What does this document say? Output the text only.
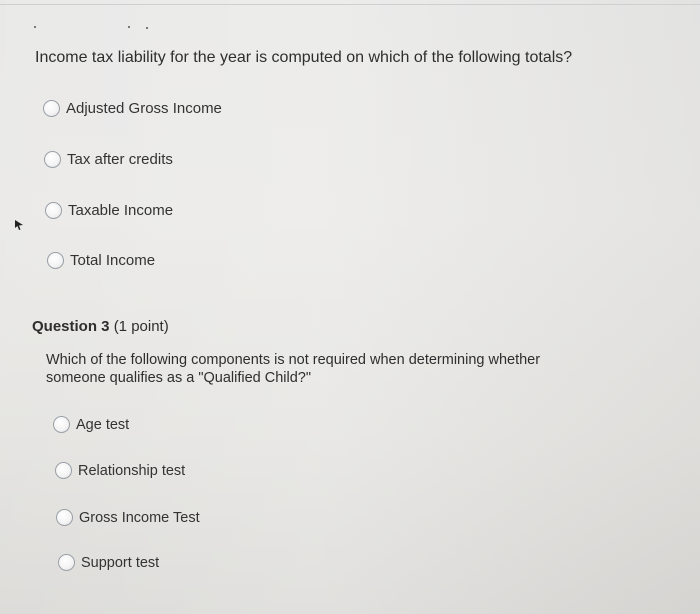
Income tax liability for the year is computed on which of the following totals?
Adjusted Gross Income
Tax after credits
Taxable Income
Total Income
Question 3 (1 point)
Which of the following components is not required when determining whether
someone qualifies as a "Qualified Child?"
Age test
Relationship test
Gross Income Test
Support test
